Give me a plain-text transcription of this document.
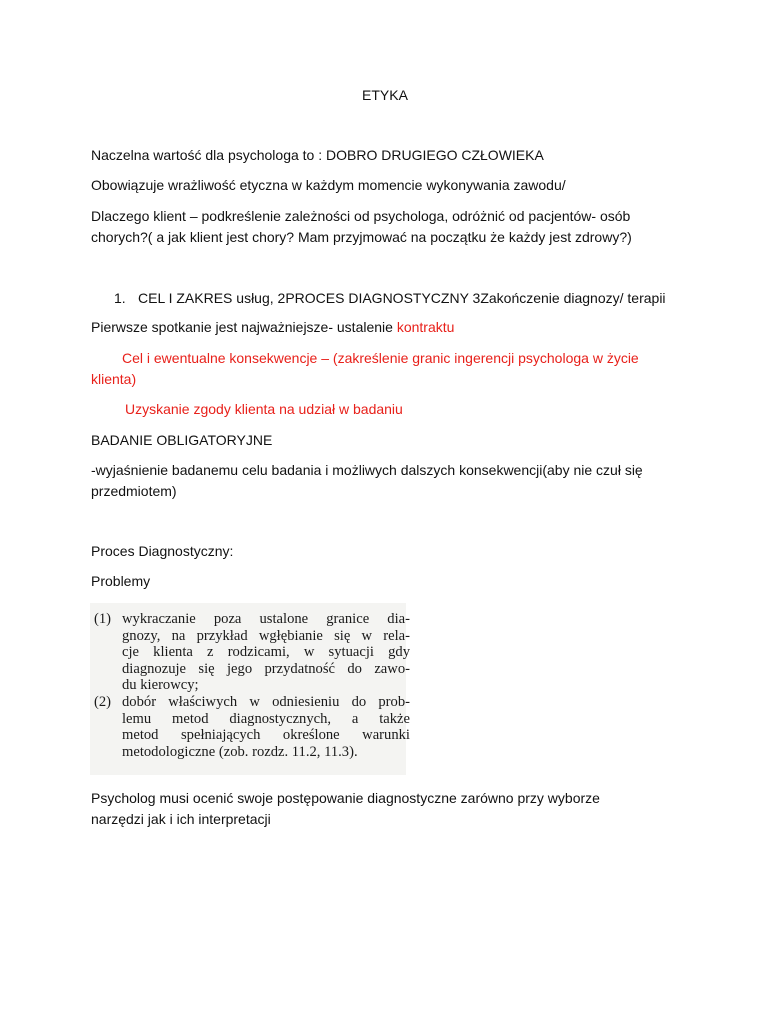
ETYKA
Naczelna wartość dla psychologa to : DOBRO DRUGIEGO CZŁOWIEKA
Obowiązuje wrażliwość etyczna w każdym momencie wykonywania zawodu/
Dlaczego klient – podkreślenie zależności od psychologa, odróżnić od pacjentów- osób
chorych?( a jak klient jest chory? Mam przyjmować na początku że każdy jest zdrowy?)
1. CEL I ZAKRES usług, 2PROCES DIAGNOSTYCZNY 3Zakończenie diagnozy/ terapii
Pierwsze spotkanie jest najważniejsze- ustalenie kontraktu
Cel i ewentualne konsekwencje – (zakreślenie granic ingerencji psychologa w życie
klienta)
Uzyskanie zgody klienta na udział w badaniu
BADANIE OBLIGATORYJNE
-wyjaśnienie badanemu celu badania i możliwych dalszych konsekwencji(aby nie czuł się
przedmiotem)
Proces Diagnostyczny:
Problemy
(1) wykraczanie poza ustalone granice dia-
gnozy, na przykład wgłębianie się w rela-
cje klienta z rodzicami, w sytuacji gdy
diagnozuje się jego przydatność do zawo-
du kierowcy;
(2) dobór właściwych w odniesieniu do prob-
lemu metod diagnostycznych, a także
metod spełniających określone warunki
metodologiczne (zob. rozdz. 11.2, 11.3).
Psycholog musi ocenić swoje postępowanie diagnostyczne zarówno przy wyborze
narzędzi jak i ich interpretacji
